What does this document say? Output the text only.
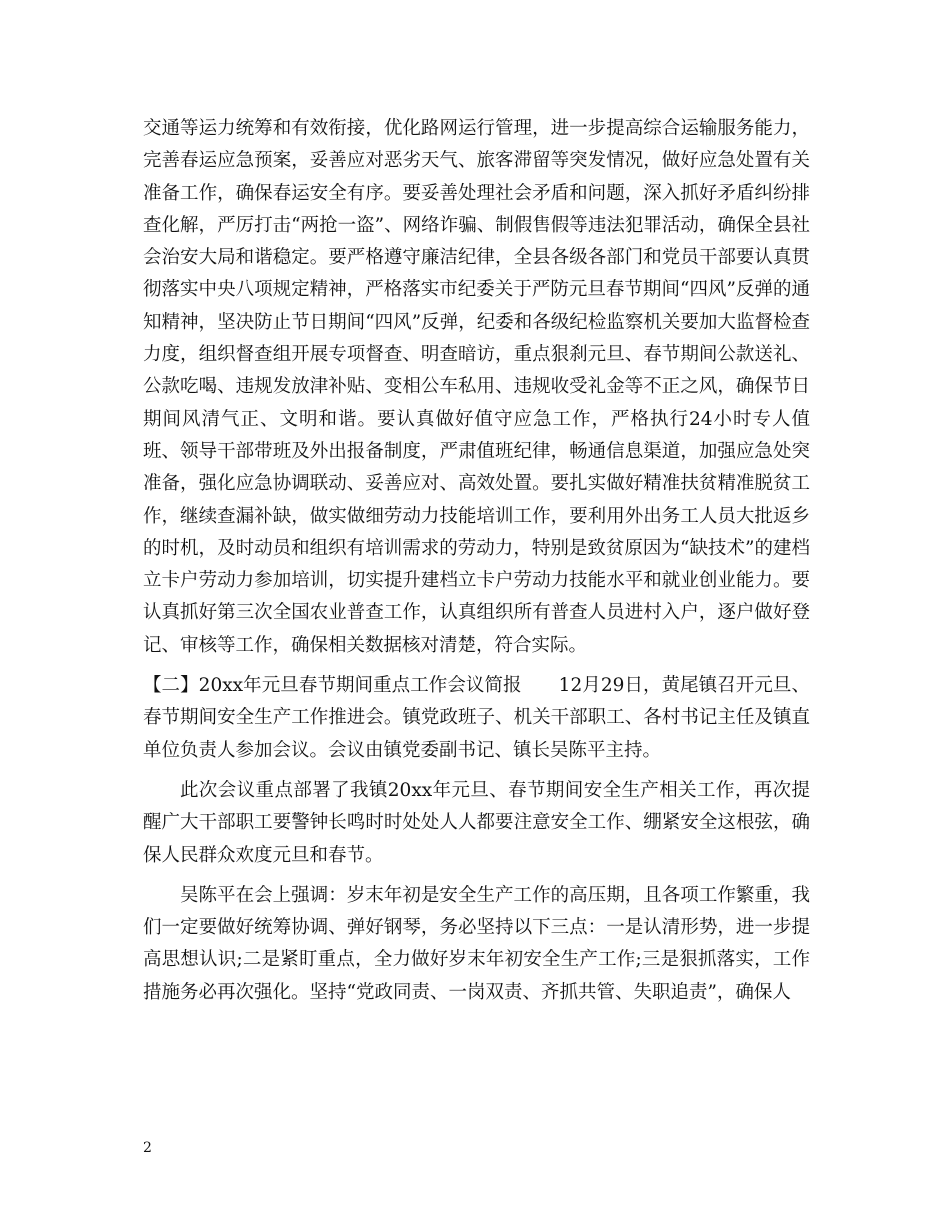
交通等运力统筹和有效衔接，优化路网运行管理，进一步提高综合运输服务能力，完善春运应急预案，妥善应对恶劣天气、旅客滞留等突发情况，做好应急处置有关准备工作，确保春运安全有序。要妥善处理社会矛盾和问题，深入抓好矛盾纠纷排查化解，严厉打击“两抢一盗”、网络诈骗、制假售假等违法犯罪活动，确保全县社会治安大局和谐稳定。要严格遵守廉洁纪律，全县各级各部门和党员干部要认真贯彻落实中央八项规定精神，严格落实市纪委关于严防元旦春节期间“四风”反弹的通知精神，坚决防止节日期间“四风”反弹，纪委和各级纪检监察机关要加大监督检查力度，组织督查组开展专项督查、明查暗访，重点狠刹元旦、春节期间公款送礼、公款吃喝、违规发放津补贴、变相公车私用、违规收受礼金等不正之风，确保节日期间风清气正、文明和谐。要认真做好值守应急工作，严格执行24小时专人值班、领导干部带班及外出报备制度，严肃值班纪律，畅通信息渠道，加强应急处突准备，强化应急协调联动、妥善应对、高效处置。要扎实做好精准扶贫精准脱贫工作，继续查漏补缺，做实做细劳动力技能培训工作，要利用外出务工人员大批返乡的时机，及时动员和组织有培训需求的劳动力，特别是致贫原因为“缺技术”的建档立卡户劳动力参加培训，切实提升建档立卡户劳动力技能水平和就业创业能力。要认真抓好第三次全国农业普查工作，认真组织所有普查人员进村入户，逐户做好登记、审核等工作，确保相关数据核对清楚，符合实际。

【二】20xx年元旦春节期间重点工作会议简报　　12月29日，黄尾镇召开元旦、春节期间安全生产工作推进会。镇党政班子、机关干部职工、各村书记主任及镇直单位负责人参加会议。会议由镇党委副书记、镇长吴陈平主持。

此次会议重点部署了我镇20xx年元旦、春节期间安全生产相关工作，再次提醒广大干部职工要警钟长鸣时时处处人人都要注意安全工作、绷紧安全这根弦，确保人民群众欢度元旦和春节。

吴陈平在会上强调：岁末年初是安全生产工作的高压期，且各项工作繁重，我们一定要做好统筹协调、弹好钢琴，务必坚持以下三点：一是认清形势，进一步提高思想认识;二是紧盯重点，全力做好岁末年初安全生产工作;三是狠抓落实，工作措施务必再次强化。坚持“党政同责、一岗双责、齐抓共管、失职追责”，确保人

2
